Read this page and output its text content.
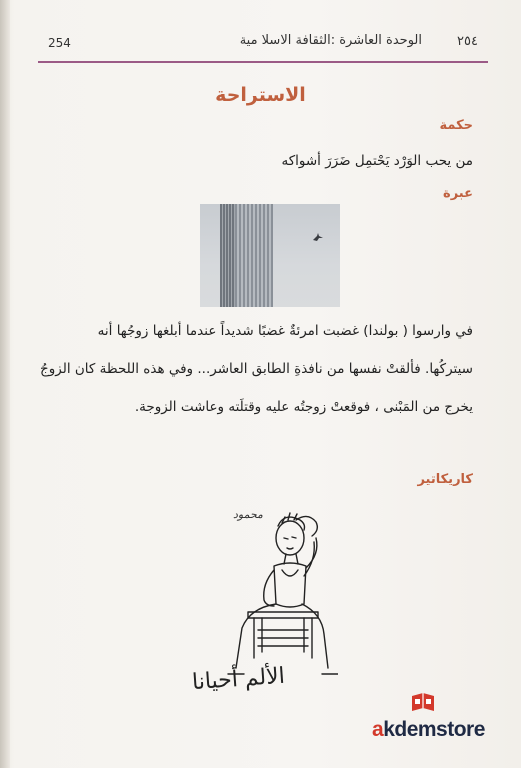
254	الوحدة العاشرة :الثقافة الاسلا مية	٢٥٤
الاستراحة
حكمة
من يحب الوَرْد يَحْتمِل ضَرَرَ أشواكه
عبرة
في وارسوا ( بولندا) غضبت امرئةٌ غضبًا شديداً عندما أبلغها زوجُها أنه
سيتركُها. فألقتْ نفسها من نافذةِ الطابق العاشر... وفي هذه اللحظة كان الزوجُ
يخرج من المَبْنى ، فوقعتْ زوجتُه عليه وقتلَته وعاشت الزوجة.
كاريكاتير
محمود
الألم أحيانا
akdemstore
